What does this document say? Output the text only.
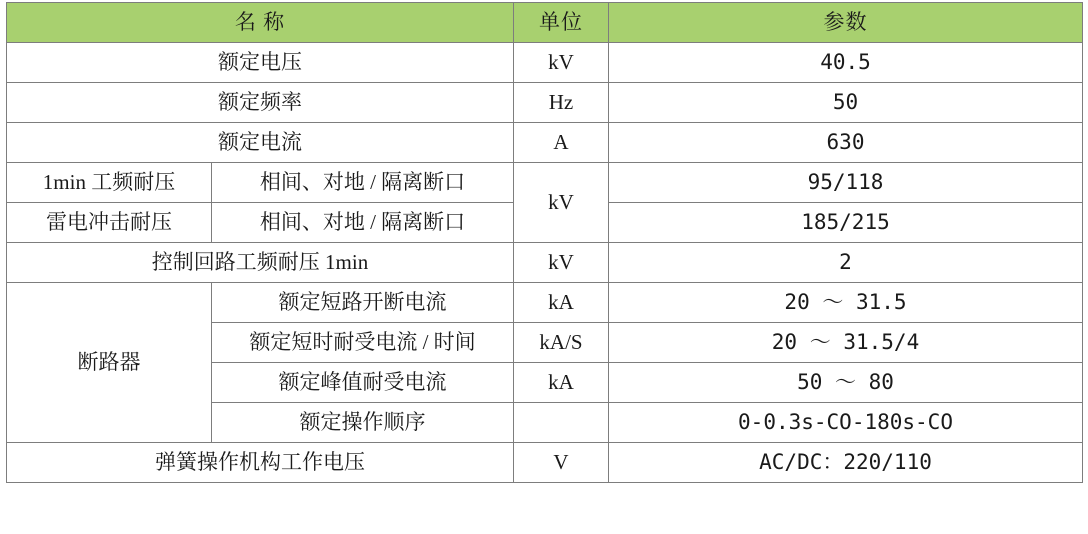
名 称		单位	参数
额定电压		kV	40.5
额定频率		Hz	50
额定电流		A	630
1min 工频耐压	相间、对地 / 隔离断口	kV	95/118
雷电冲击耐压	相间、对地 / 隔离断口		185/215
控制回路工频耐压 1min		kV	2
断路器	额定短路开断电流	kA	20 ～ 31.5
	额定短时耐受电流 / 时间	kA/S	20 ～ 31.5/4
	额定峰值耐受电流	kA	50 ～ 80
	额定操作顺序		0-0.3s-CO-180s-CO
弹簧操作机构工作电压		V	AC/DC：220/110
